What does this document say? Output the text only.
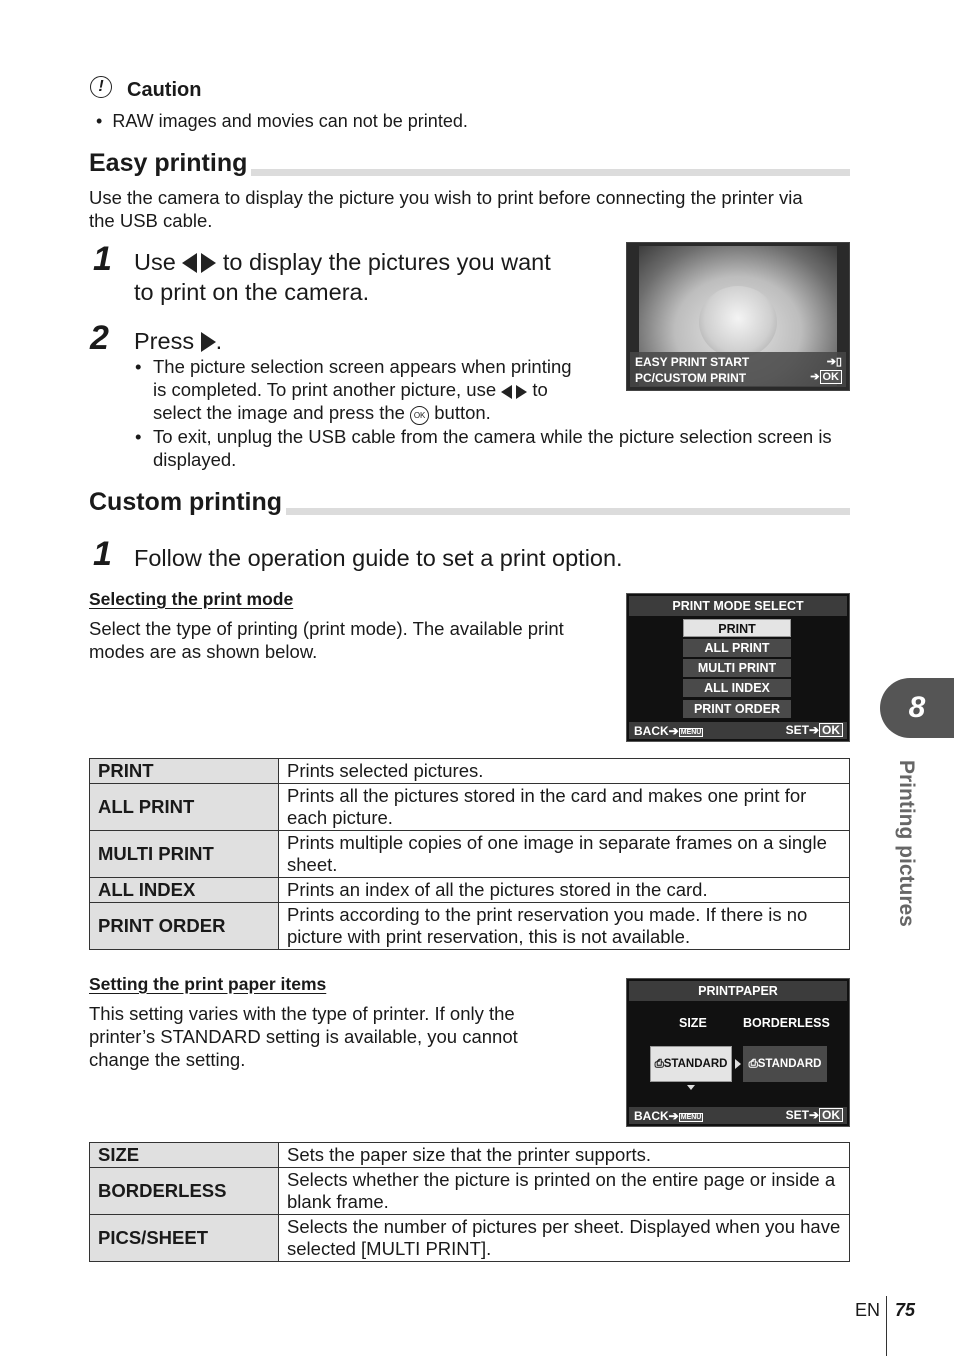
!	Caution
• RAW images and movies can not be printed.
Easy printing
Use the camera to display the picture you wish to print before connecting the printer via the USB cable.
1 Use to display the pictures you want
to print on the camera.
2 Press .
• The picture selection screen appears when printing
is completed. To print another picture, use to
select the image and press the OK button.
• To exit, unplug the USB cable from the camera while the picture selection screen is displayed.
EASY PRINT START	➔▯
PC/CUSTOM PRINT	➔ OK
Custom printing
1 Follow the operation guide to set a print option.
Selecting the print mode
Select the type of printing (print mode). The available print modes are as shown below.
PRINT MODE SELECT
PRINT
ALL PRINT
MULTI PRINT
ALL INDEX
PRINT ORDER
BACK➔ MENU	SET➔ OK
PRINT	Prints selected pictures.
ALL PRINT	Prints all the pictures stored in the card and makes one print for each picture.
MULTI PRINT	Prints multiple copies of one image in separate frames on a single sheet.
ALL INDEX	Prints an index of all the pictures stored in the card.
PRINT ORDER	Prints according to the print reservation you made. If there is no picture with print reservation, this is not available.
Setting the print paper items
This setting varies with the type of printer. If only the printer’s STANDARD setting is available, you cannot change the setting.
PRINTPAPER
SIZE	BORDERLESS
⎙STANDARD	⎙STANDARD
BACK➔ MENU	SET➔ OK
SIZE	Sets the paper size that the printer supports.
BORDERLESS	Selects whether the picture is printed on the entire page or inside a blank frame.
PICS/SHEET	Selects the number of pictures per sheet. Displayed when you have selected [MULTI PRINT].
8
Printing pictures
EN 75
